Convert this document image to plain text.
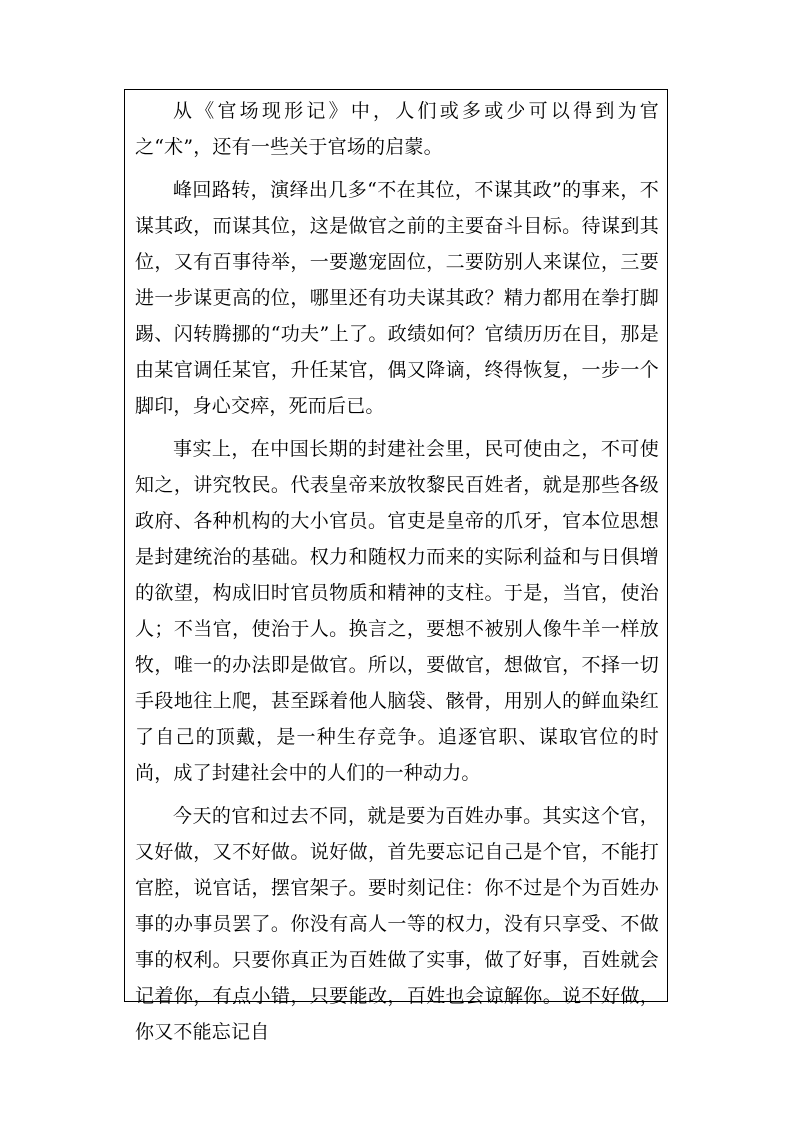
从《官场现形记》中，人们或多或少可以得到为官之“术”，还有一些关于官场的启蒙。

峰回路转，演绎出几多“不在其位，不谋其政”的事来，不谋其政，而谋其位，这是做官之前的主要奋斗目标。待谋到其位，又有百事待举，一要邀宠固位，二要防别人来谋位，三要进一步谋更高的位，哪里还有功夫谋其政？精力都用在拳打脚踢、闪转腾挪的“功夫”上了。政绩如何？官绩历历在目，那是由某官调任某官，升任某官，偶又降谪，终得恢复，一步一个脚印，身心交瘁，死而后已。

事实上，在中国长期的封建社会里，民可使由之，不可使知之，讲究牧民。代表皇帝来放牧黎民百姓者，就是那些各级政府、各种机构的大小官员。官吏是皇帝的爪牙，官本位思想是封建统治的基础。权力和随权力而来的实际利益和与日俱增的欲望，构成旧时官员物质和精神的支柱。于是，当官，使治人；不当官，使治于人。换言之，要想不被别人像牛羊一样放牧，唯一的办法即是做官。所以，要做官，想做官，不择一切手段地往上爬，甚至踩着他人脑袋、骸骨，用别人的鲜血染红了自己的顶戴，是一种生存竞争。追逐官职、谋取官位的时尚，成了封建社会中的人们的一种动力。

今天的官和过去不同，就是要为百姓办事。其实这个官，又好做，又不好做。说好做，首先要忘记自己是个官，不能打官腔，说官话，摆官架子。要时刻记住：你不过是个为百姓办事的办事员罢了。你没有高人一等的权力，没有只享受、不做事的权利。只要你真正为百姓做了实事，做了好事，百姓就会记着你，有点小错，只要能改，百姓也会谅解你。说不好做，你又不能忘记自
